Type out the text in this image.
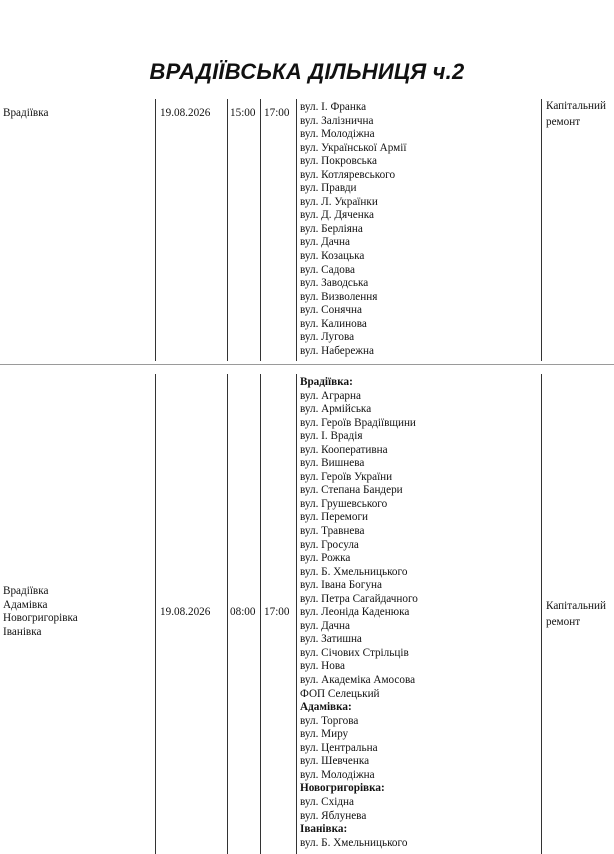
ВРАДІЇВСЬКА ДІЛЬНИЦЯ ч.2
Врадіївка	19.08.2026 15:00 17:00 вул. І. Франка
вул. Залізнична
вул. Молодіжна
вул. Української Армії
вул. Покровська
вул. Котляревського
вул. Правди
вул. Л. Українки
вул. Д. Дяченка
вул. Берліяна
вул. Дачна
вул. Козацька
вул. Садова
вул. Заводська
вул. Визволення
вул. Сонячна
вул. Калинова
вул. Лугова
вул. Набережна
Капітальний ремонт
Врадіївка
Адамівка
Новогригорівка
Іванівка
19.08.2026 08:00 17:00
Врадіївка:
вул. Аграрна
вул. Армійська
вул. Героїв Врадіївщини
вул. І. Врадія
вул. Кооперативна
вул. Вишнева
вул. Героїв України
вул. Степана Бандери
вул. Грушевського
вул. Перемоги
вул. Травнева
вул. Гросула
вул. Рожка
вул. Б. Хмельницького
вул. Івана Богуна
вул. Петра Сагайдачного
вул. Леоніда Каденюка
вул. Дачна
вул. Затишна
вул. Січових Стрільців
вул. Нова
вул. Академіка Амосова
ФОП Селецький
Адамівка:
вул. Торгова
вул. Миру
вул. Центральна
вул. Шевченка
вул. Молодіжна
Новогригорівка:
вул. Східна
вул. Яблунева
Іванівка:
вул. Б. Хмельницького
Капітальний ремонт
